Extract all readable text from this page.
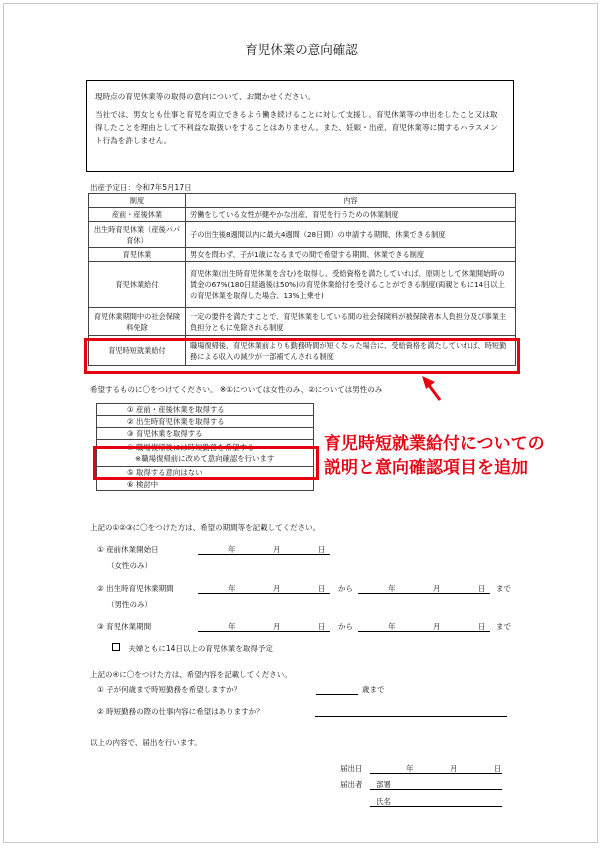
育児休業の意向確認

現時点の育児休業等の取得の意向について、お聞かせください。

当社では、男女とも仕事と育児を両立できるよう働き続けることに対して支援し、育児休業等の申出をしたこと又は取得したことを理由として不利益な取扱いをすることはありません。また、妊娠・出産、育児休業等に関するハラスメント行為を許しません。

出産予定日：令和7年5月17日
制度	内容
産前・産後休業	労働をしている女性が健やかな出産、育児を行うための休業制度
出生時育児休業（産後パパ育休）	子の出生後8週間以内に最大4週間（28日間）の申請する期間、休業できる制度
育児休業	男女を問わず、子が1歳になるまでの間で希望する期間、休業できる制度
育児休業給付	育児休業(出生時育児休業を含む)を取得し、受給資格を満たしていれば、原則として休業開始時の賃金の67%(180日経過後は50%)の育児休業給付を受けることができる制度(両親ともに14日以上の育児休業を取得した場合、13%上乗せ)
育児休業期間中の社会保険料免除	一定の要件を満たすことで、育児休業をしている間の社会保険料が被保険者本人負担分及び事業主負担分ともに免除される制度
育児時短就業給付	職場復帰後、育児休業前よりも勤務時間が短くなった場合に、受給資格を満たしていれば、時短勤務による収入の減少が一部補てんされる制度
希望するものに〇をつけてください。 ※①については女性のみ、②については男性のみ
① 産前・産後休業を取得する
② 出生時育児休業を取得する
③ 育児休業を取得する

④ 職場復帰後には時短勤務を希望する
※職場復帰前に改めて意向確認を行います

⑤ 取得する意向はない
⑥ 検討中
育児時短就業給付についての
説明と意向確認項目を追加
上記の①②③に〇をつけた方は、希望の期間等を記載してください。
① 産前休業開始日
（女性のみ）
年	月	日
② 出生時育児休業期間
（男性のみ）
年	月	日 から	年	月	日 まで
③ 育児休業期間	年	月	日 から	年	月	日 まで
夫婦ともに14日以上の育児休業を取得予定
上記の④に〇をつけた方は、希望内容を記載してください。
① 子が何歳まで時短勤務を希望しますか？	歳まで
② 時短勤務の際の仕事内容に希望はありますか？
以上の内容で、届出を行います。
届出日	年	月	日
届出者	部署
氏名
